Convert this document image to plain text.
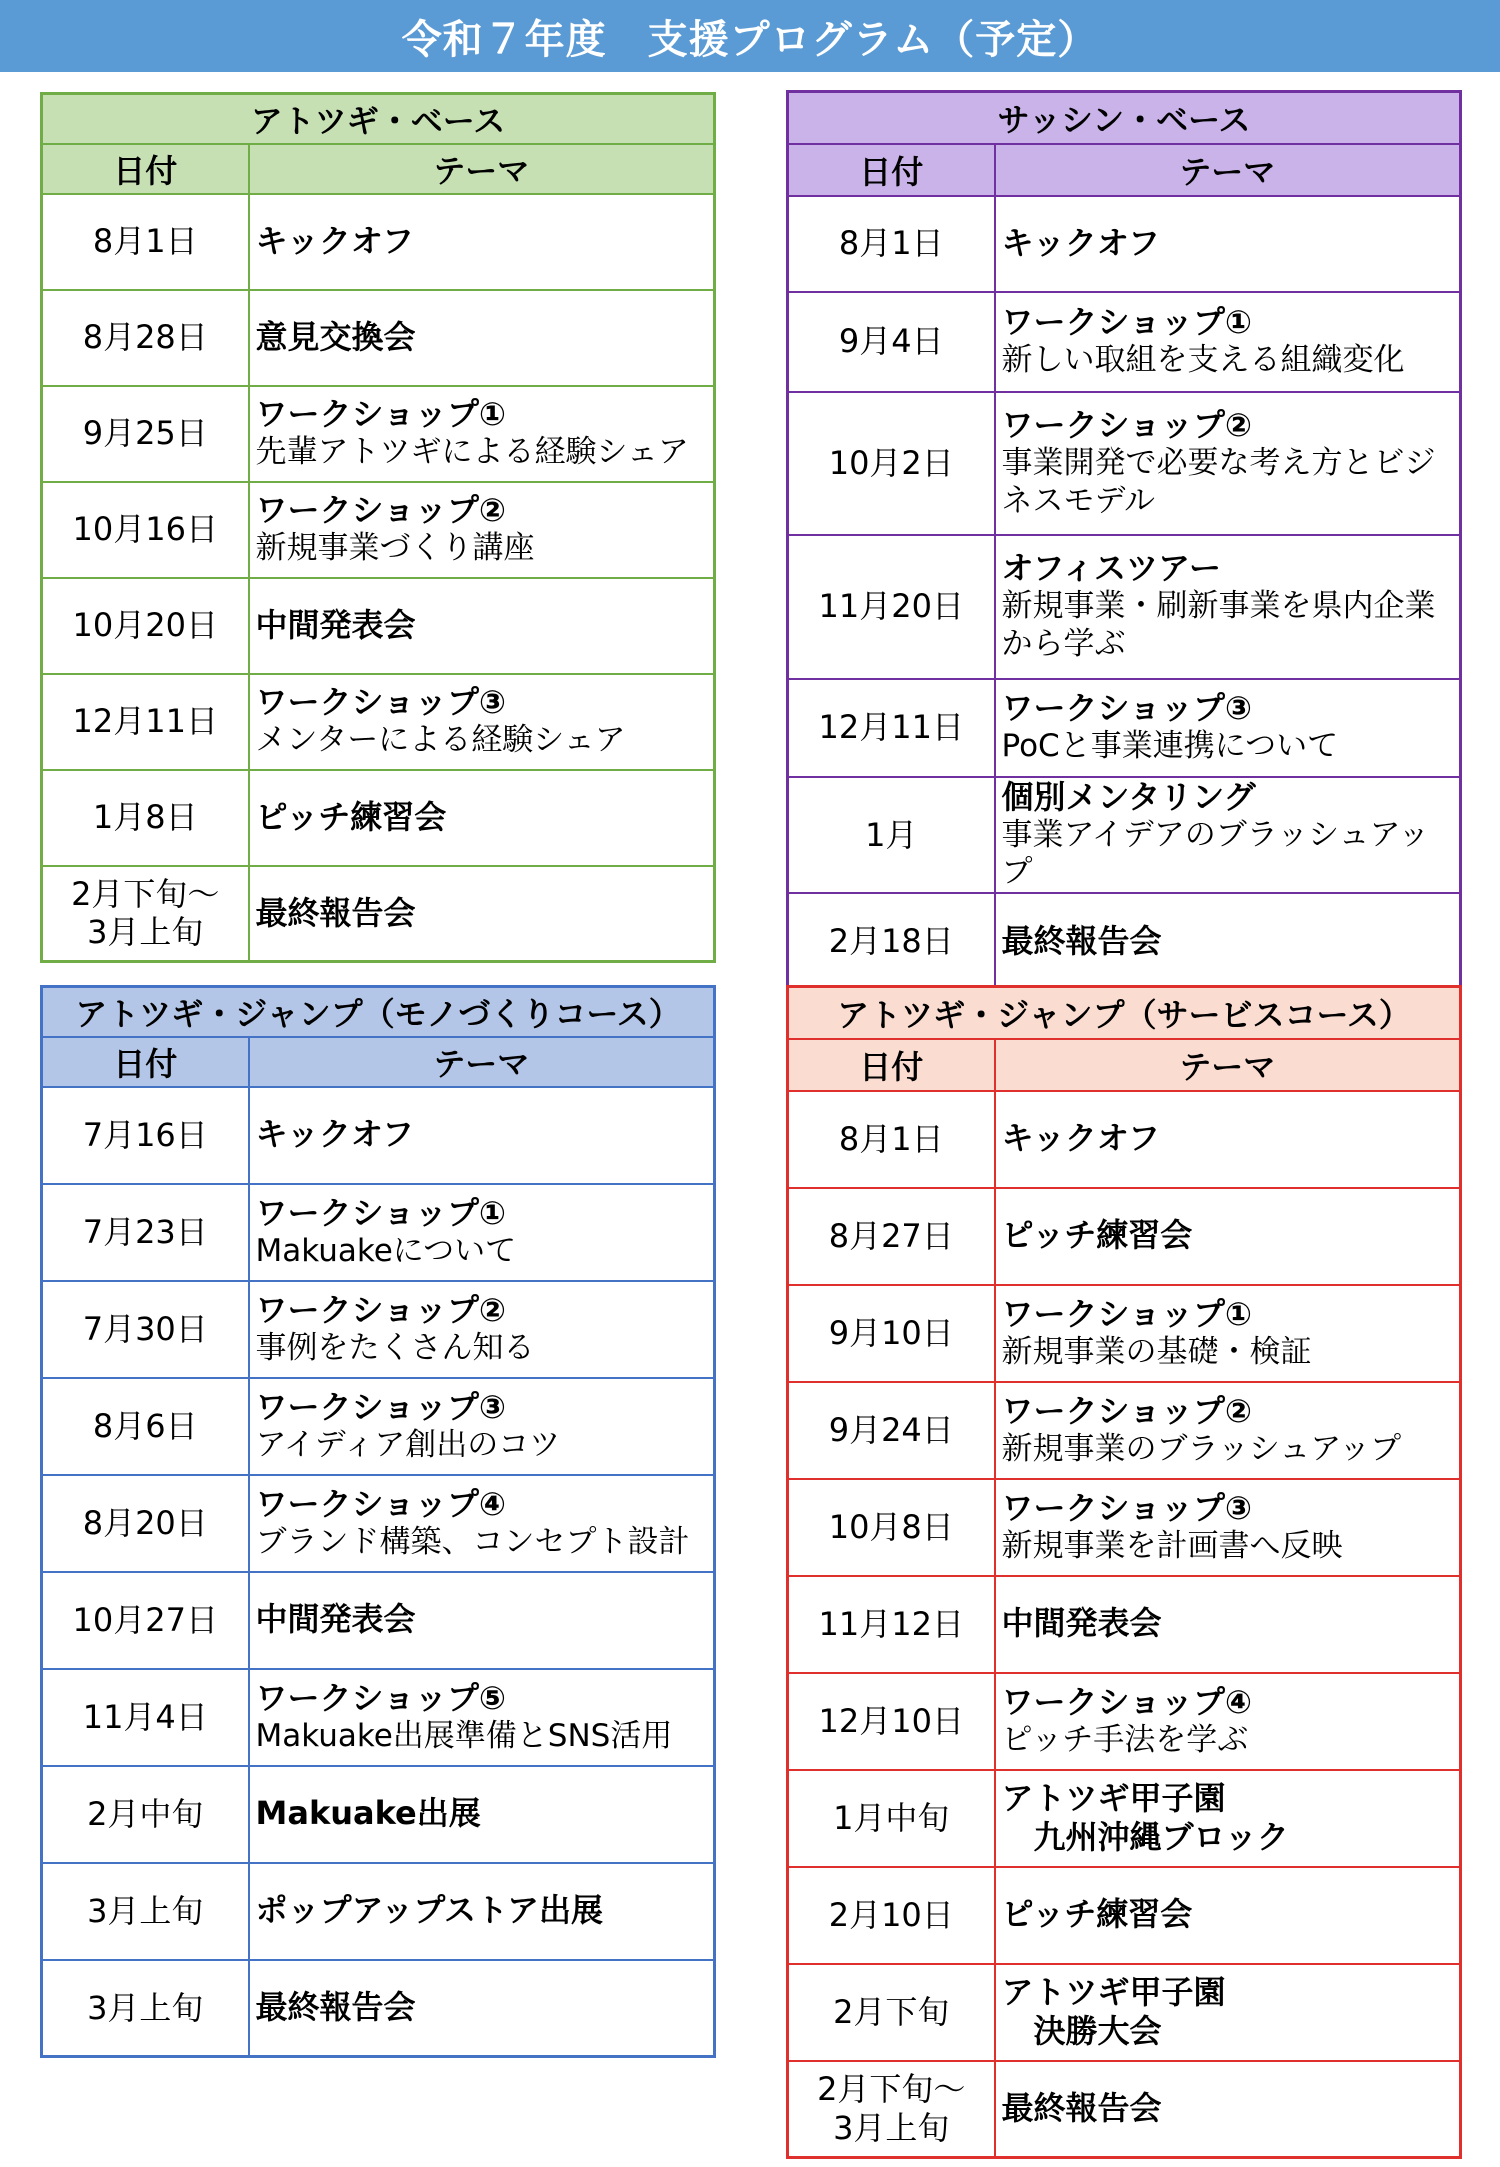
令和７年度　支援プログラム（予定）
アトツギ・ベース	
日付	テーマ
8月1日	キックオフ

8月28日	意見交換会

9月25日	ワークショップ①
先輩アトツギによる経験シェア

10月16日	ワークショップ②
新規事業づくり講座

10月20日	中間発表会

12月11日	ワークショップ③
メンターによる経験シェア

1月8日	ピッチ練習会

2月下旬～
3月上旬	最終報告会
サッシン・ベース	
日付	テーマ
8月1日	キックオフ

9月4日	ワークショップ①
新しい取組を支える組織変化

10月2日	ワークショップ②
事業開発で必要な考え方とビジ
ネスモデル

11月20日	オフィスツアー
新規事業・刷新事業を県内企業
から学ぶ

12月11日	ワークショップ③
PoCと事業連携について

1月	個別メンタリング
事業アイデアのブラッシュアップ

2月18日	最終報告会
アトツギ・ジャンプ（モノづくりコース）	
日付	テーマ
7月16日	キックオフ

7月23日	ワークショップ①
Makuakeについて

7月30日	ワークショップ②
事例をたくさん知る

8月6日	ワークショップ③
アイディア創出のコツ

8月20日	ワークショップ④
ブランド構築、コンセプト設計

10月27日	中間発表会

11月4日	ワークショップ⑤
Makuake出展準備とSNS活用

2月中旬	Makuake出展

3月上旬	ポップアップストア出展

3月上旬	最終報告会
アトツギ・ジャンプ（サービスコース）	
日付	テーマ
8月1日	キックオフ

8月27日	ピッチ練習会

9月10日	ワークショップ①
新規事業の基礎・検証

9月24日	ワークショップ②
新規事業のブラッシュアップ

10月8日	ワークショップ③
新規事業を計画書へ反映

11月12日	中間発表会

12月10日	ワークショップ④
ピッチ手法を学ぶ

1月中旬	アトツギ甲子園
九州沖縄ブロック

2月10日	ピッチ練習会

2月下旬	アトツギ甲子園
決勝大会

2月下旬～
3月上旬	最終報告会
